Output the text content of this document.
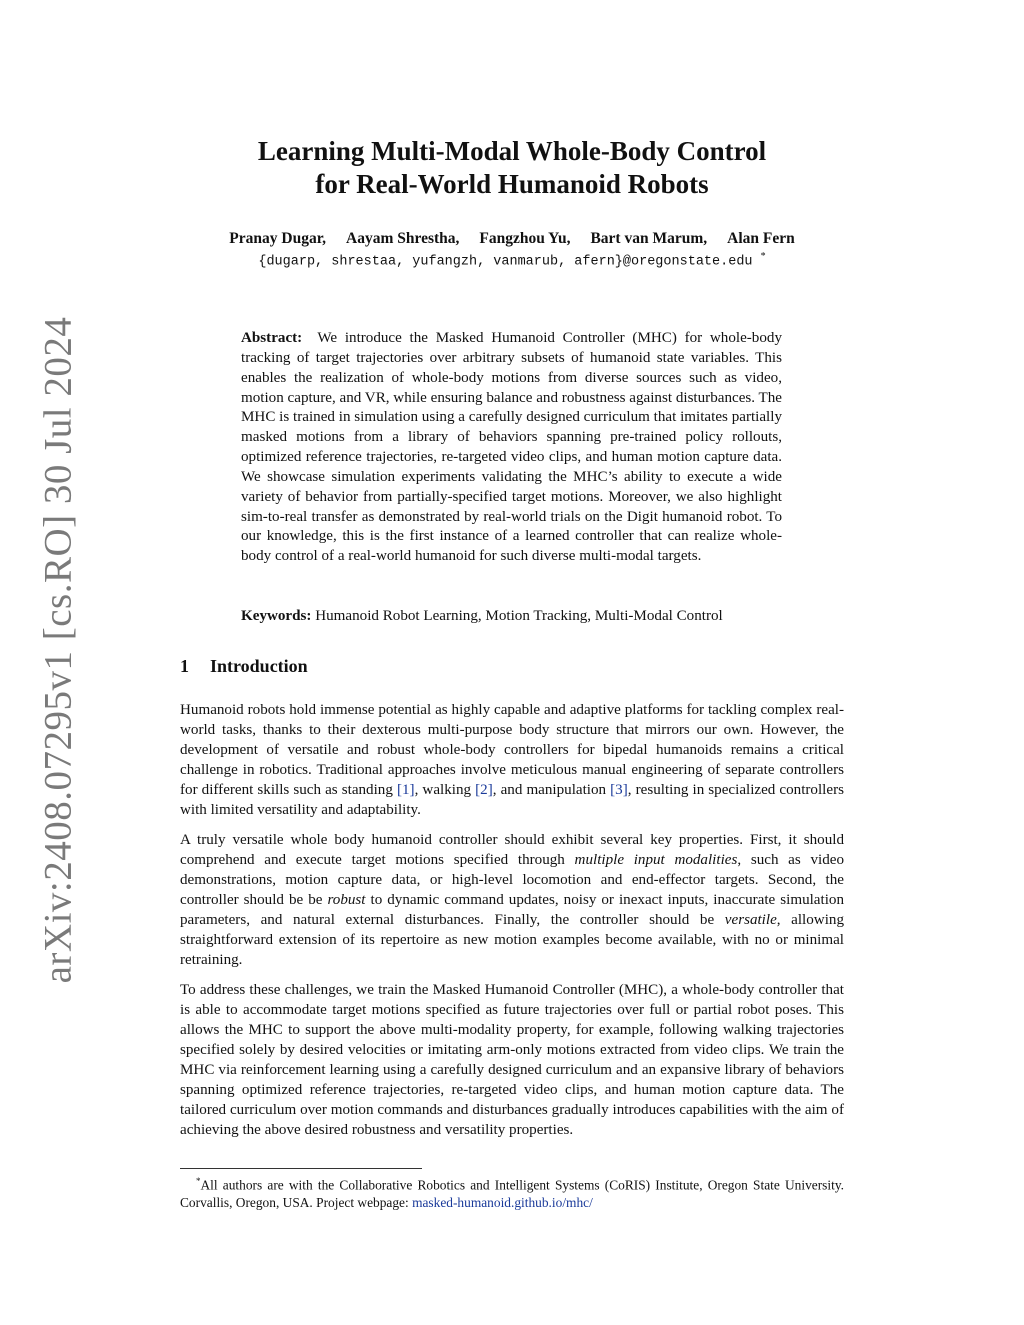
arXiv:2408.07295v1 [cs.RO] 30 Jul 2024
Learning Multi-Modal Whole-Body Control
for Real-World Humanoid Robots
Pranay Dugar, Aayam Shrestha, Fangzhou Yu, Bart van Marum, Alan Fern
{dugarp, shrestaa, yufangzh, vanmarub, afern}@oregonstate.edu *
Abstract: We introduce the Masked Humanoid Controller (MHC) for whole-body tracking of target trajectories over arbitrary subsets of humanoid state variables. This enables the realization of whole-body motions from diverse sources such as video, motion capture, and VR, while ensuring balance and robustness against disturbances. The MHC is trained in simulation using a carefully designed curriculum that imitates partially masked motions from a library of behaviors spanning pre-trained policy rollouts, optimized reference trajectories, re-targeted video clips, and human motion capture data. We showcase simulation experiments validating the MHC’s ability to execute a wide variety of behavior from partially-specified target motions. Moreover, we also highlight sim-to-real transfer as demonstrated by real-world trials on the Digit humanoid robot. To our knowledge, this is the first instance of a learned controller that can realize whole-body control of a real-world humanoid for such diverse multi-modal targets.
Keywords: Humanoid Robot Learning, Motion Tracking, Multi-Modal Control
1 Introduction
Humanoid robots hold immense potential as highly capable and adaptive platforms for tackling complex real-world tasks, thanks to their dexterous multi-purpose body structure that mirrors our own. However, the development of versatile and robust whole-body controllers for bipedal humanoids remains a critical challenge in robotics. Traditional approaches involve meticulous manual engineering of separate controllers for different skills such as standing [1], walking [2], and manipulation [3], resulting in specialized controllers with limited versatility and adaptability.
A truly versatile whole body humanoid controller should exhibit several key properties. First, it should comprehend and execute target motions specified through multiple input modalities, such as video demonstrations, motion capture data, or high-level locomotion and end-effector targets. Second, the controller should be be robust to dynamic command updates, noisy or inexact inputs, inaccurate simulation parameters, and natural external disturbances. Finally, the controller should be versatile, allowing straightforward extension of its repertoire as new motion examples become available, with no or minimal retraining.
To address these challenges, we train the Masked Humanoid Controller (MHC), a whole-body controller that is able to accommodate target motions specified as future trajectories over full or partial robot poses. This allows the MHC to support the above multi-modality property, for example, following walking trajectories specified solely by desired velocities or imitating arm-only motions extracted from video clips. We train the MHC via reinforcement learning using a carefully designed curriculum and an expansive library of behaviors spanning optimized reference trajectories, re-targeted video clips, and human motion capture data. The tailored curriculum over motion commands and disturbances gradually introduces capabilities with the aim of achieving the above desired robustness and versatility properties.
*All authors are with the Collaborative Robotics and Intelligent Systems (CoRIS) Institute, Oregon State University. Corvallis, Oregon, USA. Project webpage: masked-humanoid.github.io/mhc/
